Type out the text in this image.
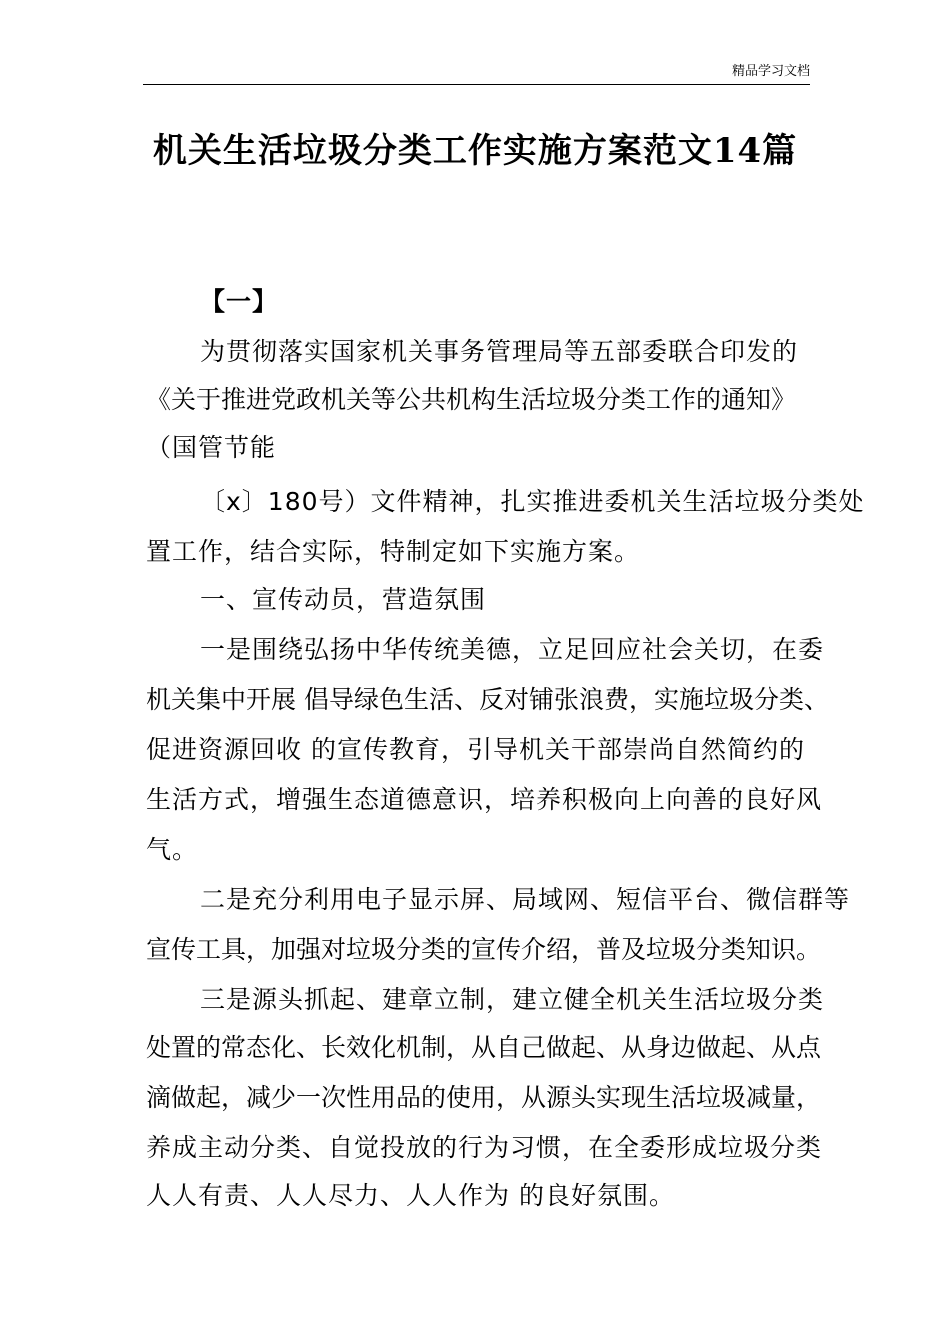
精品学习文档
机关生活垃圾分类工作实施方案范文14篇
【一】
为贯彻落实国家机关事务管理局等五部委联合印发的
《关于推进党政机关等公共机构生活垃圾分类工作的通知》
（国管节能
〔x〕180号）文件精神，扎实推进委机关生活垃圾分类处
置工作，结合实际，特制定如下实施方案。
一、宣传动员，营造氛围
一是围绕弘扬中华传统美德，立足回应社会关切，在委
机关集中开展 倡导绿色生活、反对铺张浪费，实施垃圾分类、
促进资源回收 的宣传教育，引导机关干部崇尚自然简约的
生活方式，增强生态道德意识，培养积极向上向善的良好风
气。
二是充分利用电子显示屏、局域网、短信平台、微信群等
宣传工具，加强对垃圾分类的宣传介绍，普及垃圾分类知识。
三是源头抓起、建章立制，建立健全机关生活垃圾分类
处置的常态化、长效化机制，从自己做起、从身边做起、从点
滴做起，减少一次性用品的使用，从源头实现生活垃圾减量，
养成主动分类、自觉投放的行为习惯，在全委形成垃圾分类
人人有责、人人尽力、人人作为 的良好氛围。
